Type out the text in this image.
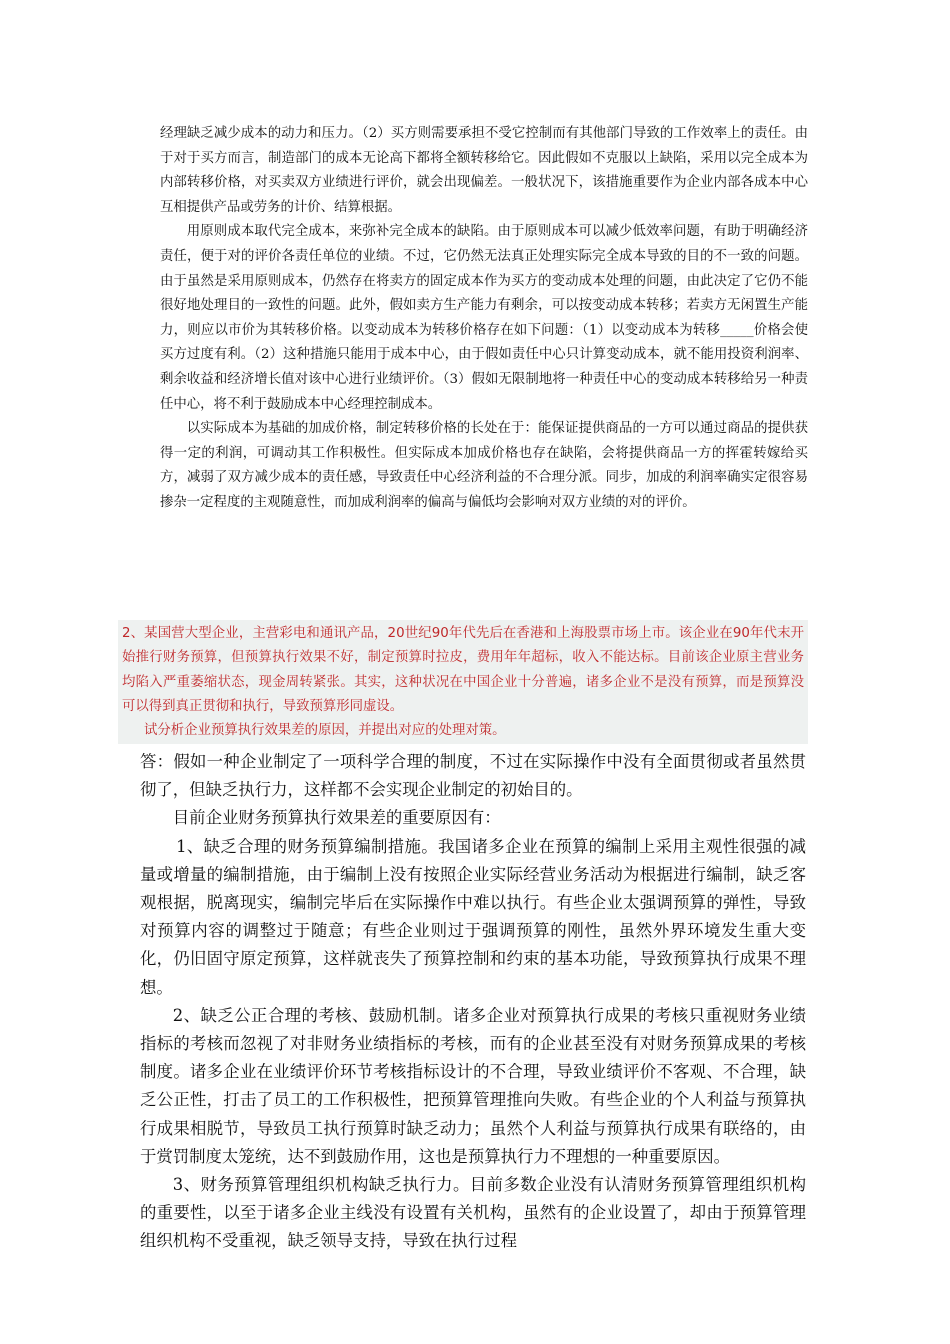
经理缺乏减少成本的动力和压力。（2）买方则需要承担不受它控制而有其他部门导致的工作效率上的责任。由于对于买方而言，制造部门的成本无论高下都将全额转移给它。因此假如不克服以上缺陷，采用以完全成本为内部转移价格，对买卖双方业绩进行评价，就会出现偏差。一般状况下，该措施重要作为企业内部各成本中心互相提供产品或劳务的计价、结算根据。

用原则成本取代完全成本，来弥补完全成本的缺陷。由于原则成本可以减少低效率问题，有助于明确经济责任，便于对的评价各责任单位的业绩。不过，它仍然无法真正处理实际完全成本导致的目的不一致的问题。由于虽然是采用原则成本，仍然存在将卖方的固定成本作为买方的变动成本处理的问题，由此决定了它仍不能很好地处理目的一致性的问题。此外，假如卖方生产能力有剩余，可以按变动成本转移；若卖方无闲置生产能力，则应以市价为其转移价格。以变动成本为转移价格存在如下问题：（1）以变动成本为转移_____价格会使买方过度有利。（2）这种措施只能用于成本中心，由于假如责任中心只计算变动成本，就不能用投资利润率、剩余收益和经济增长值对该中心进行业绩评价。（3）假如无限制地将一种责任中心的变动成本转移给另一种责任中心，将不利于鼓励成本中心经理控制成本。

以实际成本为基础的加成价格，制定转移价格的长处在于：能保证提供商品的一方可以通过商品的提供获得一定的利润，可调动其工作积极性。但实际成本加成价格也存在缺陷，会将提供商品一方的挥霍转嫁给买方，减弱了双方减少成本的责任感，导致责任中心经济利益的不合理分派。同步，加成的利润率确实定很容易掺杂一定程度的主观随意性，而加成利润率的偏高与偏低均会影响对双方业绩的对的评价。

2、某国营大型企业，主营彩电和通讯产品，20世纪90年代先后在香港和上海股票市场上市。该企业在90年代末开始推行财务预算，但预算执行效果不好，制定预算时拉皮，费用年年超标，收入不能达标。目前该企业原主营业务均陷入严重萎缩状态，现金周转紧张。其实，这种状况在中国企业十分普遍，诸多企业不是没有预算，而是预算没可以得到真正贯彻和执行，导致预算形同虚设。

试分析企业预算执行效果差的原因，并提出对应的处理对策。

答：假如一种企业制定了一项科学合理的制度，不过在实际操作中没有全面贯彻或者虽然贯彻了，但缺乏执行力，这样都不会实现企业制定的初始目的。

目前企业财务预算执行效果差的重要原因有：

1、缺乏合理的财务预算编制措施。我国诸多企业在预算的编制上采用主观性很强的减量或增量的编制措施，由于编制上没有按照企业实际经营业务活动为根据进行编制，缺乏客观根据，脱离现实，编制完毕后在实际操作中难以执行。有些企业太强调预算的弹性，导致对预算内容的调整过于随意；有些企业则过于强调预算的刚性，虽然外界环境发生重大变化，仍旧固守原定预算，这样就丧失了预算控制和约束的基本功能，导致预算执行成果不理想。

2、缺乏公正合理的考核、鼓励机制。诸多企业对预算执行成果的考核只重视财务业绩指标的考核而忽视了对非财务业绩指标的考核，而有的企业甚至没有对财务预算成果的考核制度。诸多企业在业绩评价环节考核指标设计的不合理，导致业绩评价不客观、不合理，缺乏公正性，打击了员工的工作积极性，把预算管理推向失败。有些企业的个人利益与预算执行成果相脱节，导致员工执行预算时缺乏动力；虽然个人利益与预算执行成果有联络的，由于赏罚制度太笼统，达不到鼓励作用，这也是预算执行力不理想的一种重要原因。

3、财务预算管理组织机构缺乏执行力。目前多数企业没有认清财务预算管理组织机构的重要性，以至于诸多企业主线没有设置有关机构，虽然有的企业设置了，却由于预算管理组织机构不受重视，缺乏领导支持，导致在执行过程
